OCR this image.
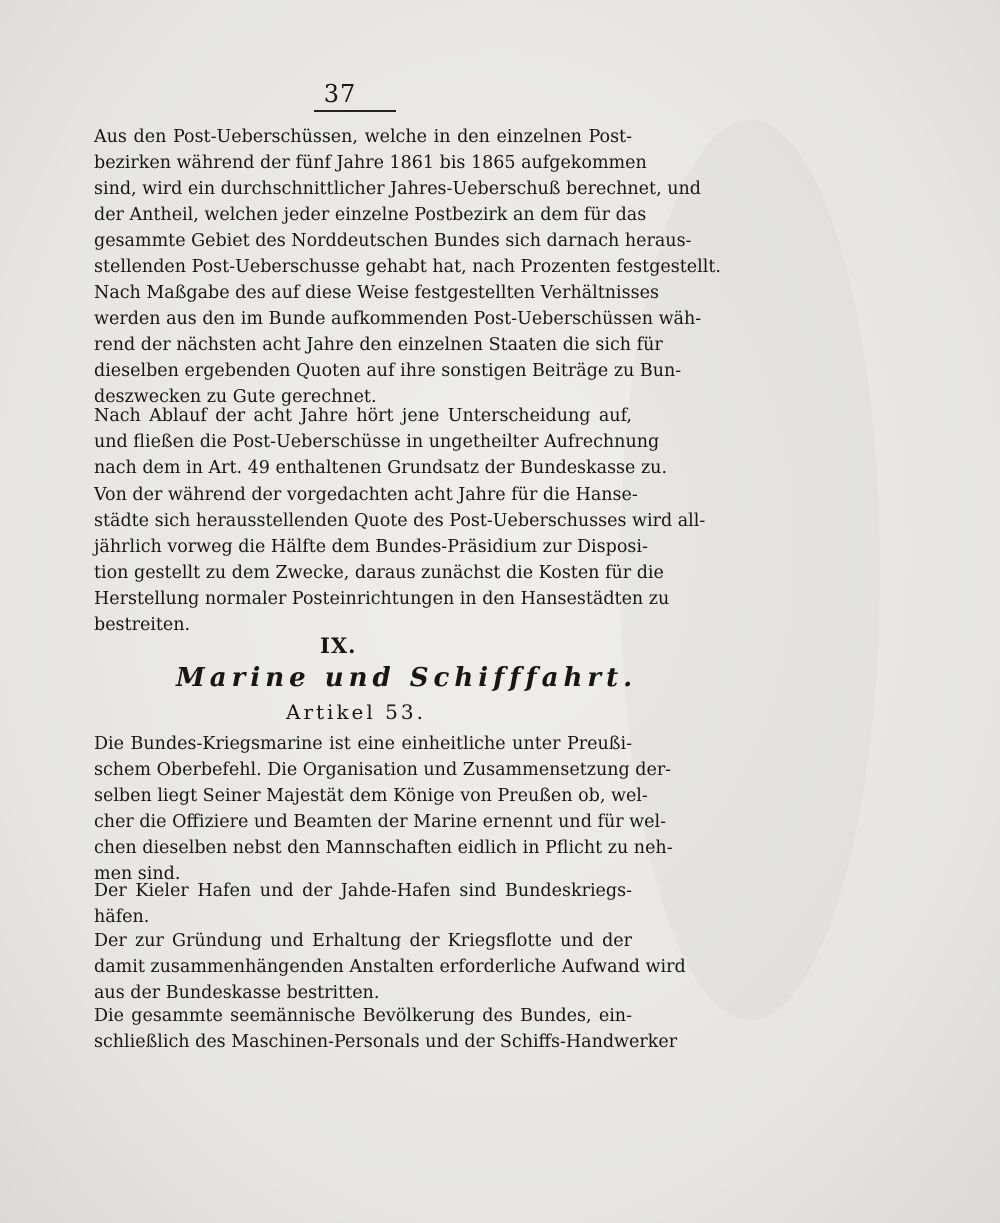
37
Aus den Post-Ueberschüssen, welche in den einzelnen Post-
bezirken während der fünf Jahre 1861 bis 1865 aufgekommen
sind, wird ein durchschnittlicher Jahres-Ueberschuß berechnet, und
der Antheil, welchen jeder einzelne Postbezirk an dem für das
gesammte Gebiet des Norddeutschen Bundes sich darnach heraus-
stellenden Post-Ueberschusse gehabt hat, nach Prozenten festgestellt.
Nach Maßgabe des auf diese Weise festgestellten Verhältnisses
werden aus den im Bunde aufkommenden Post-Ueberschüssen wäh-
rend der nächsten acht Jahre den einzelnen Staaten die sich für
dieselben ergebenden Quoten auf ihre sonstigen Beiträge zu Bun-
deszwecken zu Gute gerechnet.
Nach Ablauf der acht Jahre hört jene Unterscheidung auf,
und fließen die Post-Ueberschüsse in ungetheilter Aufrechnung
nach dem in Art. 49 enthaltenen Grundsatz der Bundeskasse zu.
Von der während der vorgedachten acht Jahre für die Hanse-
städte sich herausstellenden Quote des Post-Ueberschusses wird all-
jährlich vorweg die Hälfte dem Bundes-Präsidium zur Disposi-
tion gestellt zu dem Zwecke, daraus zunächst die Kosten für die
Herstellung normaler Posteinrichtungen in den Hansestädten zu
bestreiten.
IX.
Marine und Schifffahrt.
Artikel 53.
Die Bundes-Kriegsmarine ist eine einheitliche unter Preußi-
schem Oberbefehl. Die Organisation und Zusammensetzung der-
selben liegt Seiner Majestät dem Könige von Preußen ob, wel-
cher die Offiziere und Beamten der Marine ernennt und für wel-
chen dieselben nebst den Mannschaften eidlich in Pflicht zu neh-
men sind.
Der Kieler Hafen und der Jahde-Hafen sind Bundeskriegs-
häfen.
Der zur Gründung und Erhaltung der Kriegsflotte und der
damit zusammenhängenden Anstalten erforderliche Aufwand wird
aus der Bundeskasse bestritten.
Die gesammte seemännische Bevölkerung des Bundes, ein-
schließlich des Maschinen-Personals und der Schiffs-Handwerker
